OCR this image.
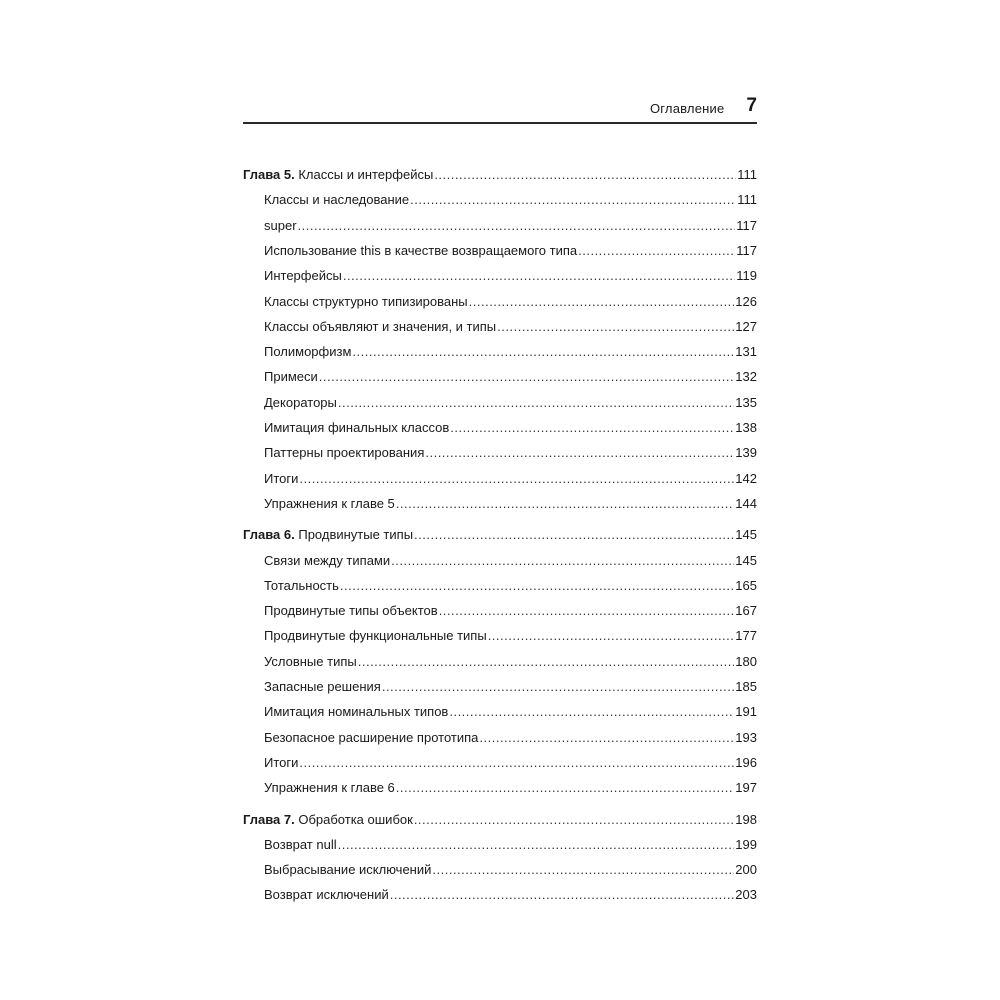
Оглавление 7
Глава 5. Классы и интерфейсы .....	111
Классы и наследование .....	111
super .....	117
Использование this в качестве возвращаемого типа .....	117
Интерфейсы .....	119
Классы структурно типизированы .....	126
Классы объявляют и значения, и типы .....	127
Полиморфизм .....	131
Примеси .....	132
Декораторы .....	135
Имитация финальных классов .....	138
Паттерны проектирования .....	139
Итоги .....	142
Упражнения к главе 5 .....	144
Глава 6. Продвинутые типы .....	145
Связи между типами .....	145
Тотальность .....	165
Продвинутые типы объектов .....	167
Продвинутые функциональные типы .....	177
Условные типы .....	180
Запасные решения .....	185
Имитация номинальных типов .....	191
Безопасное расширение прототипа .....	193
Итоги .....	196
Упражнения к главе 6 .....	197
Глава 7. Обработка ошибок .....	198
Возврат null .....	199
Выбрасывание исключений .....	200
Возврат исключений .....	203
